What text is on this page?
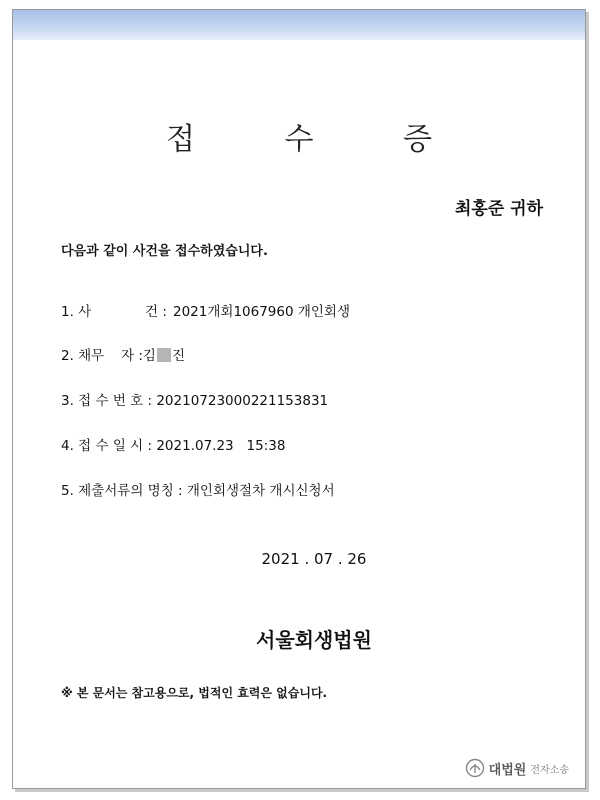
접 수 증
최홍준 귀하
다음과 같이 사건을 접수하였습니다.
1. 사	건 :2021개회1067960 개인회생
2. 채무 자 :김 진
3. 접 수 번 호 : 20210723000221153831
4. 접 수 일 시 : 2021.07.23   15:38
5. 제출서류의 명칭 : 개인회생절차 개시신청서
2021 . 07 . 26
서울회생법원
※ 본 문서는 참고용으로, 법적인 효력은 없습니다.
대법원 전자소송
